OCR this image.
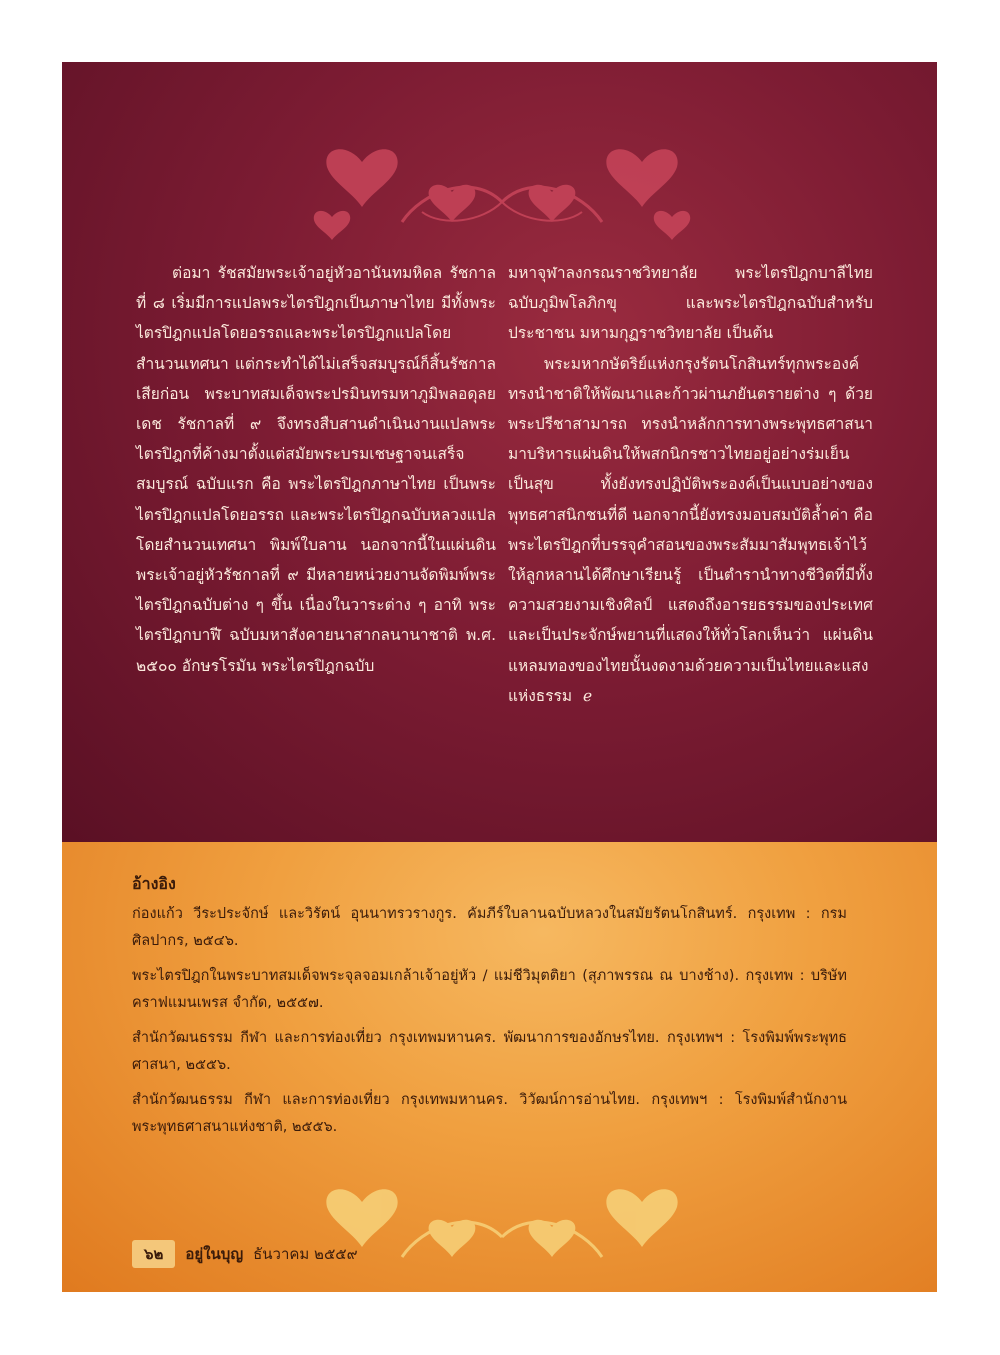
ต่อมา รัชสมัยพระเจ้าอยู่หัวอานันทมหิดล รัชกาลที่ ๘ เริ่มมีการแปลพระไตรปิฎกเป็นภาษาไทย มีทั้งพระไตรปิฎกแปลโดยอรรถและพระไตรปิฎกแปลโดยสำนวนเทศนา แต่กระทำได้ไม่เสร็จสมบูรณ์ก็สิ้นรัชกาลเสียก่อน พระบาทสมเด็จพระปรมินทรมหาภูมิพลอดุลยเดช รัชกาลที่ ๙ จึงทรงสืบสานดำเนินงานแปลพระไตรปิฎกที่ค้างมาตั้งแต่สมัยพระบรมเชษฐาจนเสร็จสมบูรณ์ ฉบับแรก คือ พระไตรปิฎกภาษาไทย เป็นพระไตรปิฎกแปลโดยอรรถ และพระไตรปิฎกฉบับหลวงแปลโดยสำนวนเทศนา พิมพ์ใบลาน นอกจากนี้ในแผ่นดินพระเจ้าอยู่หัวรัชกาลที่ ๙ มีหลายหน่วยงานจัดพิมพ์พระไตรปิฎกฉบับต่าง ๆ ขึ้น เนื่องในวาระต่าง ๆ อาทิ พระไตรปิฎกบาฬี ฉบับมหาสังคายนาสากลนานาชาติ พ.ศ. ๒๕๐๐ อักษรโรมัน พระไตรปิฎกฉบับ

มหาจุฬาลงกรณราชวิทยาลัย พระไตรปิฎกบาลีไทย ฉบับภูมิพโลภิกขุ และพระไตรปิฎกฉบับสำหรับประชาชน มหามกุฏราชวิทยาลัย เป็นต้น

พระมหากษัตริย์แห่งกรุงรัตนโกสินทร์ทุกพระองค์ทรงนำชาติให้พัฒนาและก้าวผ่านภยันตรายต่าง ๆ ด้วยพระปรีชาสามารถ ทรงนำหลักการทางพระพุทธศาสนามาบริหารแผ่นดินให้พสกนิกรชาวไทยอยู่อย่างร่มเย็นเป็นสุข ทั้งยังทรงปฏิบัติพระองค์เป็นแบบอย่างของพุทธศาสนิกชนที่ดี นอกจากนี้ยังทรงมอบสมบัติล้ำค่า คือ พระไตรปิฎกที่บรรจุคำสอนของพระสัมมาสัมพุทธเจ้าไว้ให้ลูกหลานได้ศึกษาเรียนรู้ เป็นตำรานำทางชีวิตที่มีทั้งความสวยงามเชิงศิลป์ แสดงถึงอารยธรรมของประเทศและเป็นประจักษ์พยานที่แสดงให้ทั่วโลกเห็นว่า แผ่นดินแหลมทองของไทยนั้นงดงามด้วยความเป็นไทยและแสงแห่งธรรม ℯ

อ้างอิง

ก่องแก้ว วีระประจักษ์ และวิรัตน์ อุนนาทรวรางกูร. คัมภีร์ใบลานฉบับหลวงในสมัยรัตนโกสินทร์. กรุงเทพ : กรมศิลปากร, ๒๕๔๖.

พระไตรปิฎกในพระบาทสมเด็จพระจุลจอมเกล้าเจ้าอยู่หัว / แม่ชีวิมุตติยา (สุภาพรรณ ณ บางช้าง). กรุงเทพ : บริษัท คราฟแมนเพรส จำกัด, ๒๕๕๗.

สำนักวัฒนธรรม กีฬา และการท่องเที่ยว กรุงเทพมหานคร. พัฒนาการของอักษรไทย. กรุงเทพฯ : โรงพิมพ์พระพุทธศาสนา, ๒๕๕๖.

สำนักวัฒนธรรม กีฬา และการท่องเที่ยว กรุงเทพมหานคร. วิวัฒน์การอ่านไทย. กรุงเทพฯ : โรงพิมพ์สำนักงานพระพุทธศาสนาแห่งชาติ, ๒๕๕๖.

๖๒	อยู่ในบุญ ธันวาคม ๒๕๕๙
